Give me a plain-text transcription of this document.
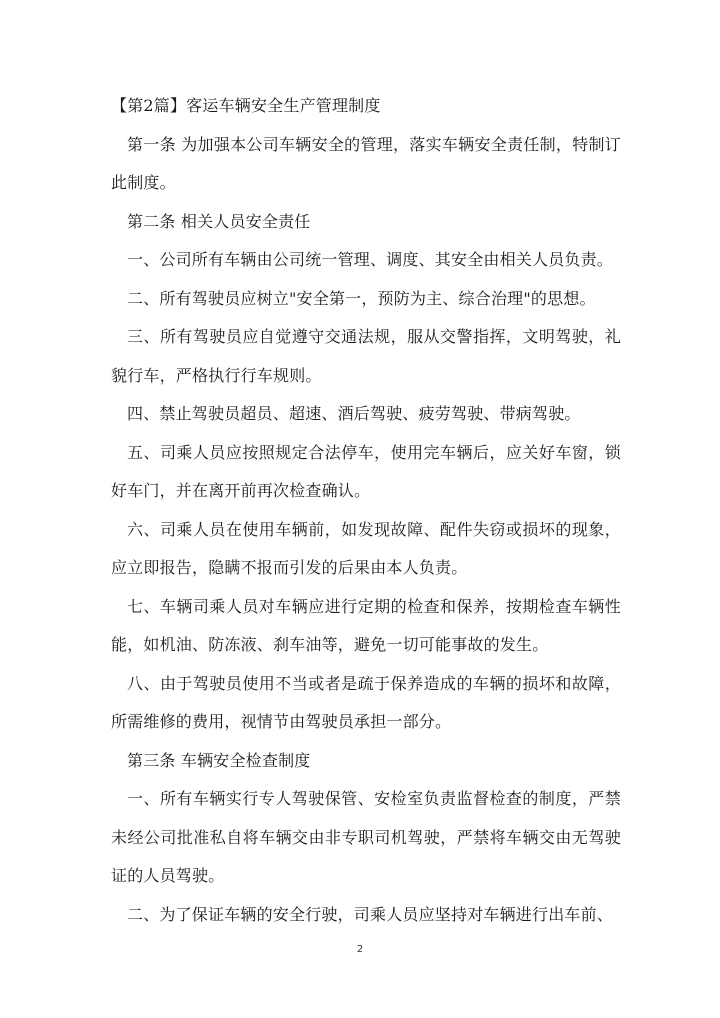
【第2篇】客运车辆安全生产管理制度

第一条 为加强本公司车辆安全的管理，落实车辆安全责任制，特制订此制度。

第二条 相关人员安全责任

一、公司所有车辆由公司统一管理、调度、其安全由相关人员负责。

二、所有驾驶员应树立"安全第一，预防为主、综合治理"的思想。

三、所有驾驶员应自觉遵守交通法规，服从交警指挥，文明驾驶，礼貌行车，严格执行行车规则。

四、禁止驾驶员超员、超速、酒后驾驶、疲劳驾驶、带病驾驶。

五、司乘人员应按照规定合法停车，使用完车辆后，应关好车窗，锁好车门，并在离开前再次检查确认。

六、司乘人员在使用车辆前，如发现故障、配件失窃或损坏的现象，应立即报告，隐瞒不报而引发的后果由本人负责。

七、车辆司乘人员对车辆应进行定期的检查和保养，按期检查车辆性能，如机油、防冻液、刹车油等，避免一切可能事故的发生。

八、由于驾驶员使用不当或者是疏于保养造成的车辆的损坏和故障，所需维修的费用，视情节由驾驶员承担一部分。

第三条 车辆安全检查制度

一、所有车辆实行专人驾驶保管、安检室负责监督检查的制度，严禁未经公司批准私自将车辆交由非专职司机驾驶，严禁将车辆交由无驾驶证的人员驾驶。

二、为了保证车辆的安全行驶，司乘人员应坚持对车辆进行出车前、

2
